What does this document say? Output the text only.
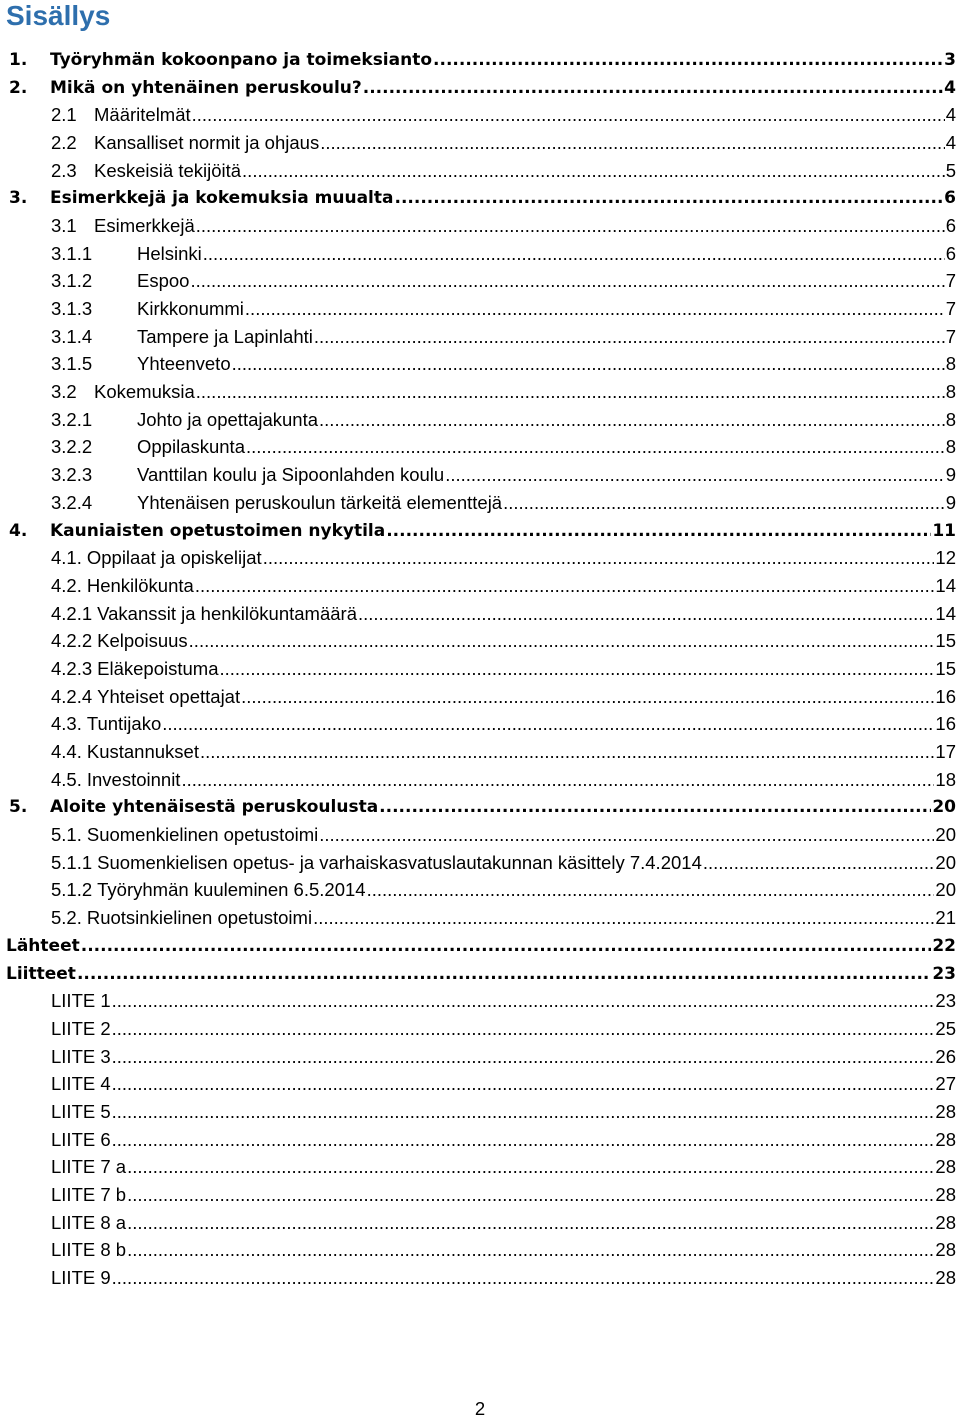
Sisällys
1.	Työryhmän kokoonpano ja toimeksianto .....	3
2.	Mikä on yhtenäinen peruskoulu? .....	4
2.1 Määritelmät .....	4
2.2 Kansalliset normit ja ohjaus .....	4
2.3 Keskeisiä tekijöitä .....	5
3.	Esimerkkejä ja kokemuksia muualta .....	6
3.1 Esimerkkejä .....	6
3.1.1	Helsinki .....	6
3.1.2	Espoo .....	7
3.1.3	Kirkkonummi .....	7
3.1.4	Tampere ja Lapinlahti .....	7
3.1.5	Yhteenveto .....	8
3.2 Kokemuksia .....	8
3.2.1	Johto ja opettajakunta .....	8
3.2.2	Oppilaskunta .....	8
3.2.3	Vanttilan koulu ja Sipoonlahden koulu .....	9
3.2.4	Yhtenäisen peruskoulun tärkeitä elementtejä .....	9
4.	Kauniaisten opetustoimen nykytila .....	11
4.1. Oppilaat ja opiskelijat .....	12
4.2. Henkilökunta .....	14
4.2.1 Vakanssit ja henkilökuntamäärä .....	14
4.2.2 Kelpoisuus .....	15
4.2.3 Eläkepoistuma .....	15
4.2.4 Yhteiset opettajat .....	16
4.3. Tuntijako .....	16
4.4. Kustannukset .....	17
4.5. Investoinnit .....	18
5.	Aloite yhtenäisestä peruskoulusta .....	20
5.1. Suomenkielinen opetustoimi .....	20
5.1.1 Suomenkielisen opetus- ja varhaiskasvatuslautakunnan käsittely 7.4.2014 .....	20
5.1.2 Työryhmän kuuleminen 6.5.2014 .....	20
5.2. Ruotsinkielinen opetustoimi .....	21
Lähteet .....	22
Liitteet .....	23
LIITE 1 .....	23
LIITE 2 .....	25
LIITE 3 .....	26
LIITE 4 .....	27
LIITE 5 .....	28
LIITE 6 .....	28
LIITE 7 a .....	28
LIITE 7 b .....	28
LIITE 8 a .....	28
LIITE 8 b .....	28
LIITE 9 .....	28
2
